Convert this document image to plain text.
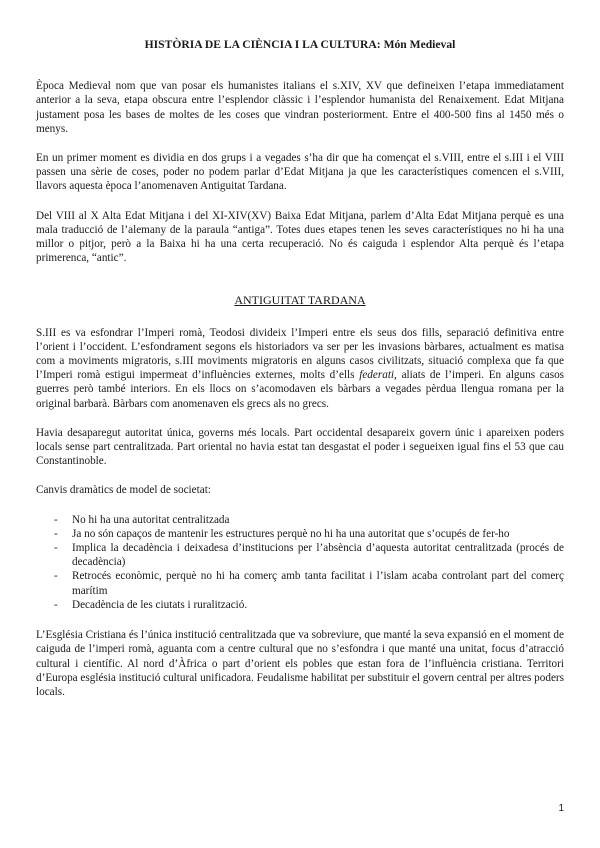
HISTÒRIA DE LA CIÈNCIA I LA CULTURA: Món Medieval

Època Medieval nom que van posar els humanistes italians el s.XIV, XV que defineixen l’etapa immediatament anterior a la seva, etapa obscura entre l’esplendor clàssic i l’esplendor humanista del Renaixement. Edat Mitjana justament posa les bases de moltes de les coses que vindran posteriorment. Entre el 400-500 fins al 1450 més o menys.

En un primer moment es dividia en dos grups i a vegades s’ha dir que ha començat el s.VIII, entre el s.III i el VIII passen una sèrie de coses, poder no podem parlar d’Edat Mitjana ja que les característiques comencen el s.VIII, llavors aquesta època l’anomenaven Antiguitat Tardana.

Del VIII al X Alta Edat Mitjana i del XI-XIV(XV) Baixa Edat Mitjana, parlem d’Alta Edat Mitjana perquè es una mala traducció de l’alemany de la paraula “antiga”. Totes dues etapes tenen les seves característiques no hi ha una millor o pitjor, però a la Baixa hi ha una certa recuperació. No és caiguda i esplendor Alta perquè és l’etapa primerenca, “antic”.

ANTIGUITAT TARDANA

S.III es va esfondrar l’Imperi romà, Teodosi divideix l’Imperi entre els seus dos fills, separació definitiva entre l’orient i l’occident. L’esfondrament segons els historiadors va ser per les invasions bàrbares, actualment es matisa com a moviments migratoris, s.III moviments migratoris en alguns casos civilitzats, situació complexa que fa que l’Imperi romà estigui impermeat d’influències externes, molts d’ells federati, aliats de l’imperi. En alguns casos guerres però també interiors. En els llocs on s’acomodaven els bàrbars a vegades pèrdua llengua romana per la original barbarà. Bàrbars com anomenaven els grecs als no grecs.

Havia desaparegut autoritat única, governs més locals. Part occidental desapareix govern únic i apareixen poders locals sense part centralitzada. Part oriental no havia estat tan desgastat el poder i segueixen igual fins el 53 que cau Constantinoble.

Canvis dramàtics de model de societat:

- No hi ha una autoritat centralitzada
- Ja no són capaços de mantenir les estructures perquè no hi ha una autoritat que s’ocupés de fer-ho
- Implica la decadència i deixadesa d’institucions per l’absència d’aquesta autoritat centralitzada (procés de decadència)
- Retrocés econòmic, perquè no hi ha comerç amb tanta facilitat i l’islam acaba controlant part del comerç marítim
- Decadència de les ciutats i ruralització.

L’Església Cristiana és l’única institució centralitzada que va sobreviure, que manté la seva expansió en el moment de caiguda de l’imperi romà, aguanta com a centre cultural que no s’esfondra i que manté una unitat, focus d’atracció cultural i científic. Al nord d’Àfrica o part d’orient els pobles que estan fora de l’influència cristiana. Territori d’Europa església institució cultural unificadora. Feudalisme habilitat per substituir el govern central per altres poders locals.

1
